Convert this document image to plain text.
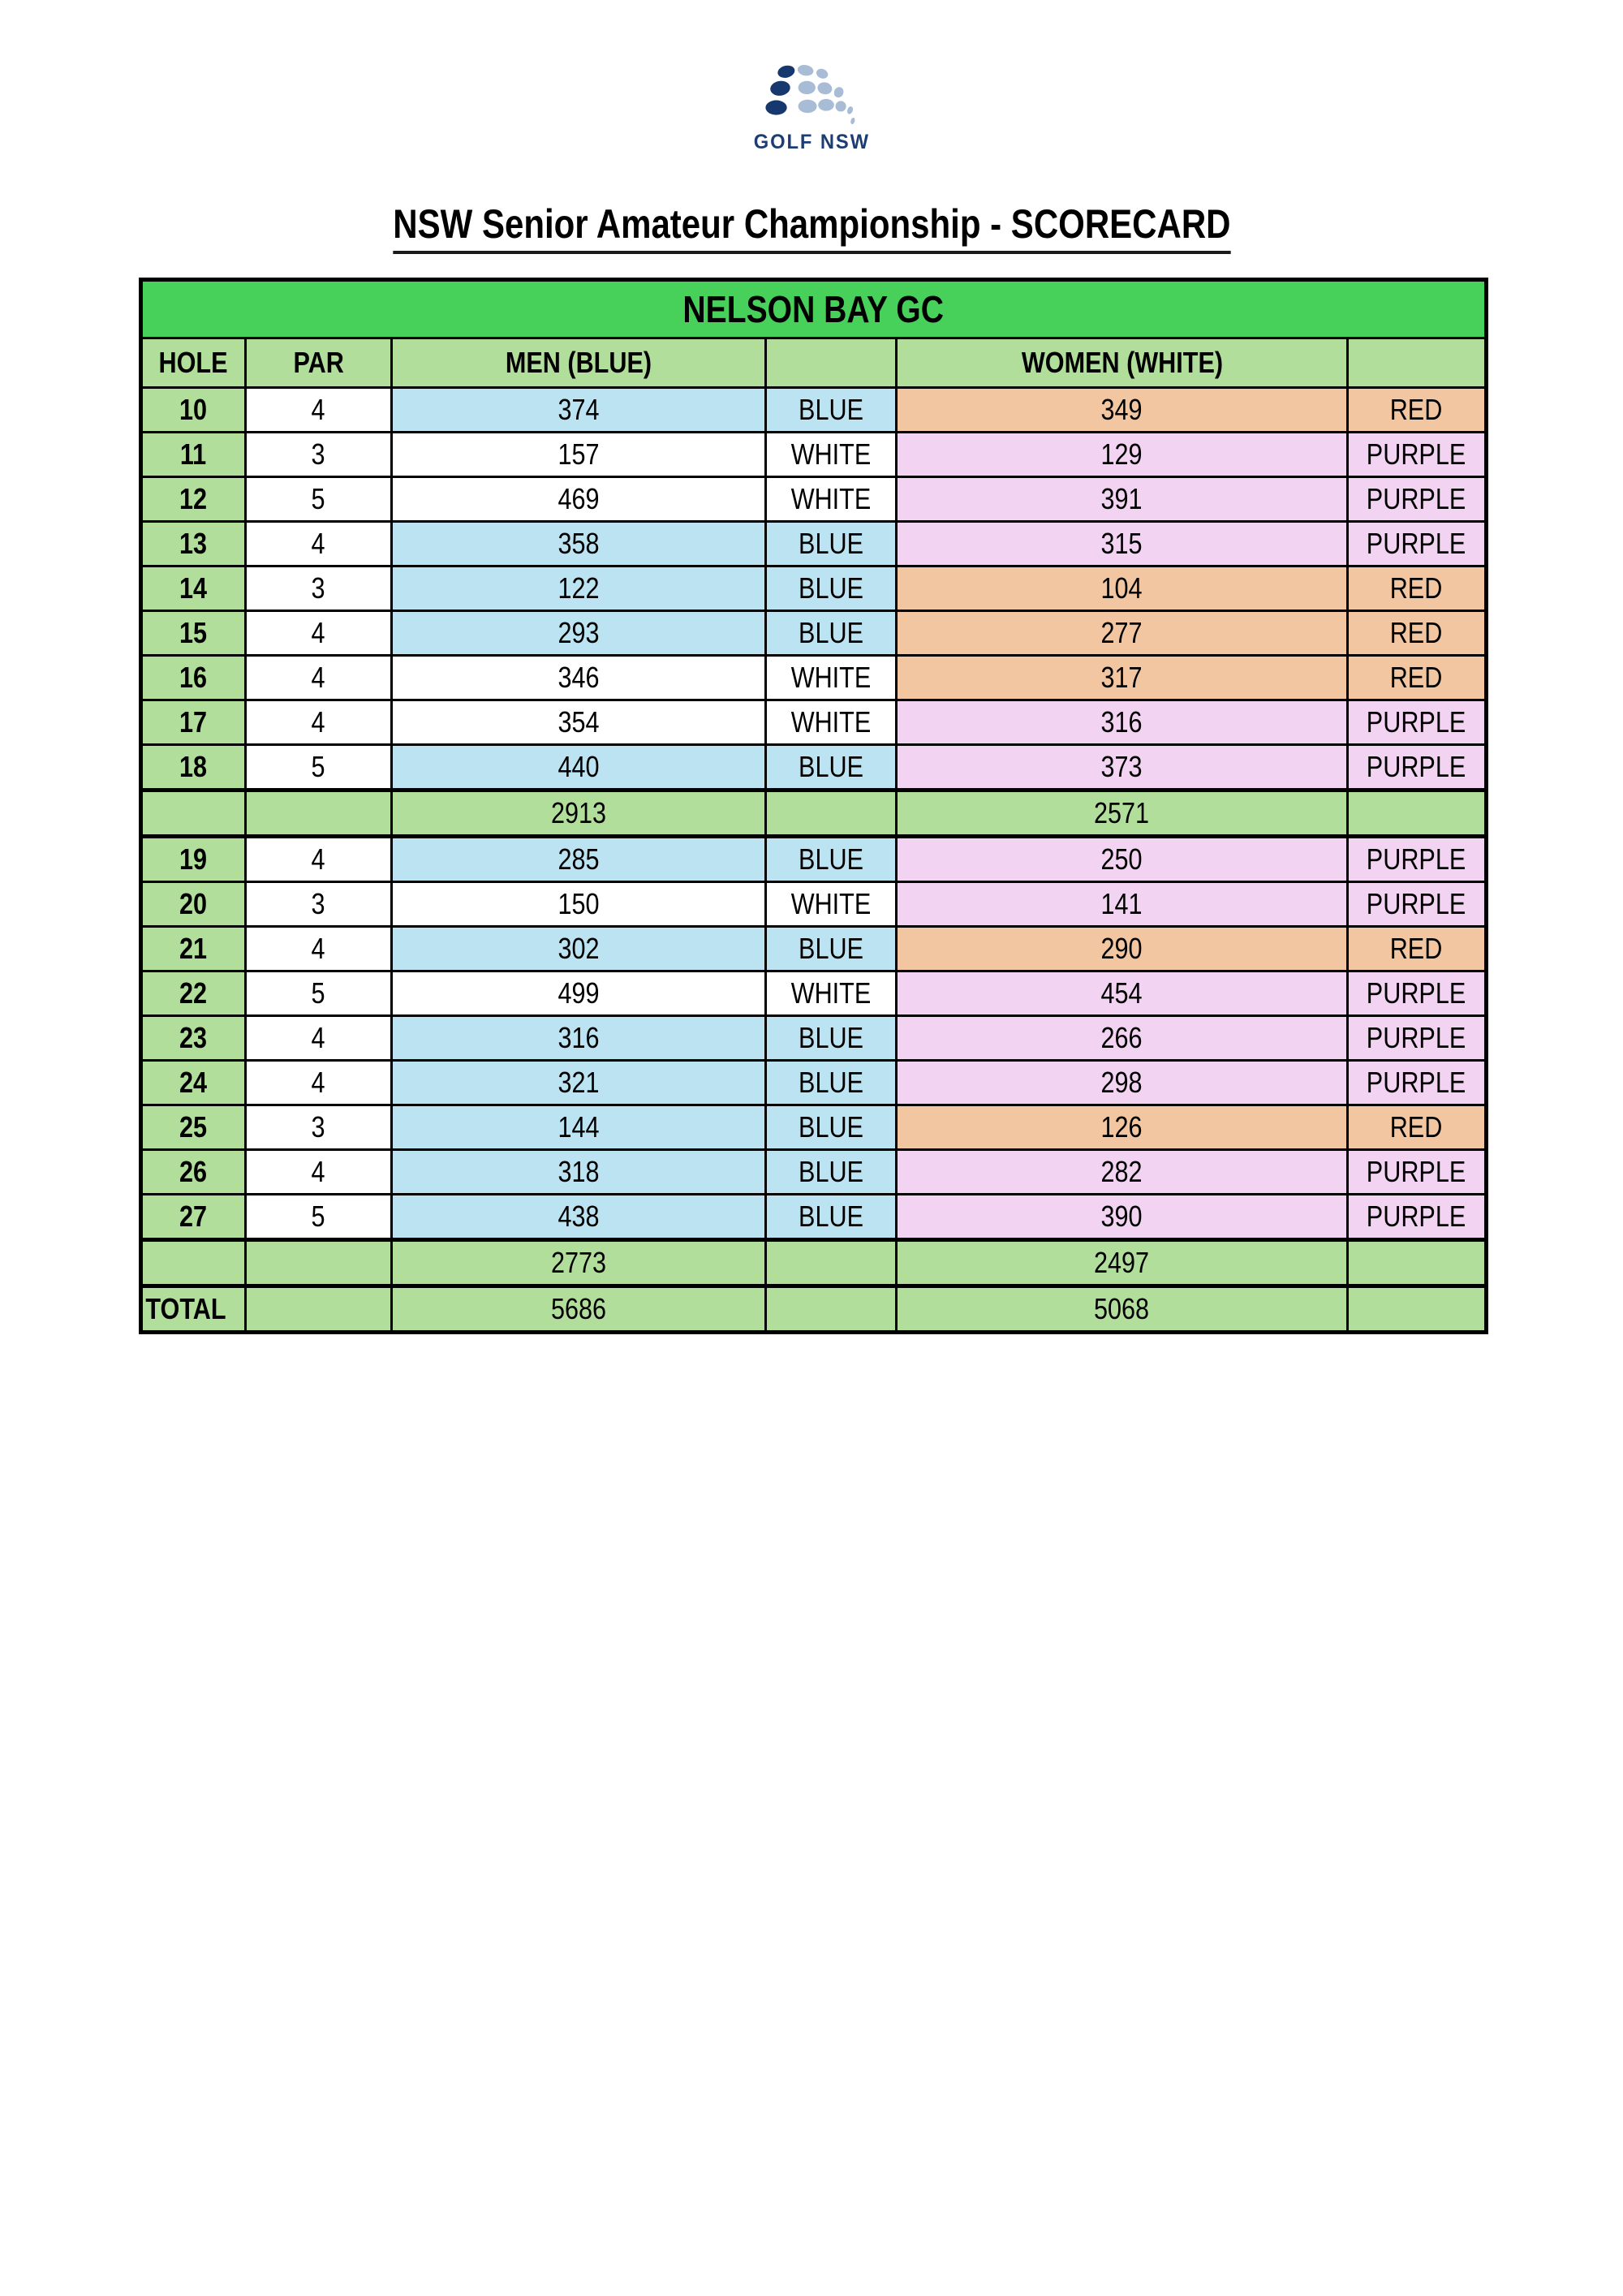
GOLF NSW
NSW Senior Amateur Championship - SCORECARD
NELSON BAY GC					
HOLE	PAR	MEN (BLUE)		WOMEN (WHITE)	
10	4	374	BLUE	349	RED
11	3	157	WHITE	129	PURPLE
12	5	469	WHITE	391	PURPLE
13	4	358	BLUE	315	PURPLE
14	3	122	BLUE	104	RED
15	4	293	BLUE	277	RED
16	4	346	WHITE	317	RED
17	4	354	WHITE	316	PURPLE
18	5	440	BLUE	373	PURPLE
		2913		2571	
19	4	285	BLUE	250	PURPLE
20	3	150	WHITE	141	PURPLE
21	4	302	BLUE	290	RED
22	5	499	WHITE	454	PURPLE
23	4	316	BLUE	266	PURPLE
24	4	321	BLUE	298	PURPLE
25	3	144	BLUE	126	RED
26	4	318	BLUE	282	PURPLE
27	5	438	BLUE	390	PURPLE
		2773		2497	
TOTAL		5686		5068	
